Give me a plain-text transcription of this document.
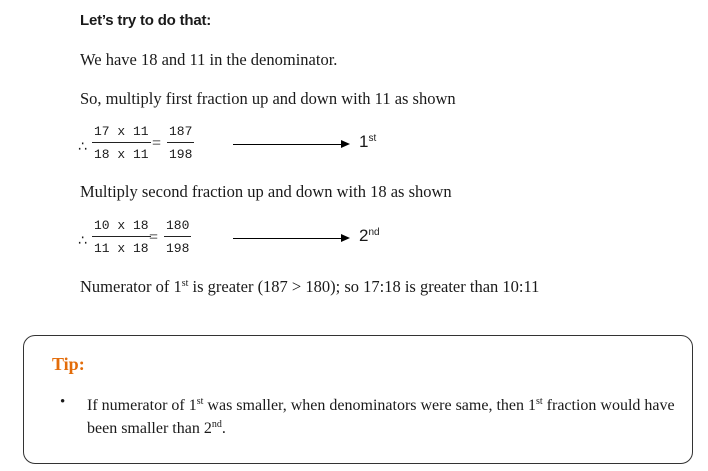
Let’s try to do that:
We have 18 and 11 in the denominator.
So, multiply first fraction up and down with 11 as shown
∴ $\frac{17 x 11}{18 x 11} = \frac{187}{198}$	1st
Multiply second fraction up and down with 18 as shown
∴ $\frac{10 x 18}{11 x 18}$
= $\frac{180}{198}$	2nd
Numerator of 1st is greater (187 > 180); so 17:18 is greater than 10:11
Tip:
• If numerator of 1st was smaller, when denominators were same, then 1st fraction would have been smaller than 2nd.
